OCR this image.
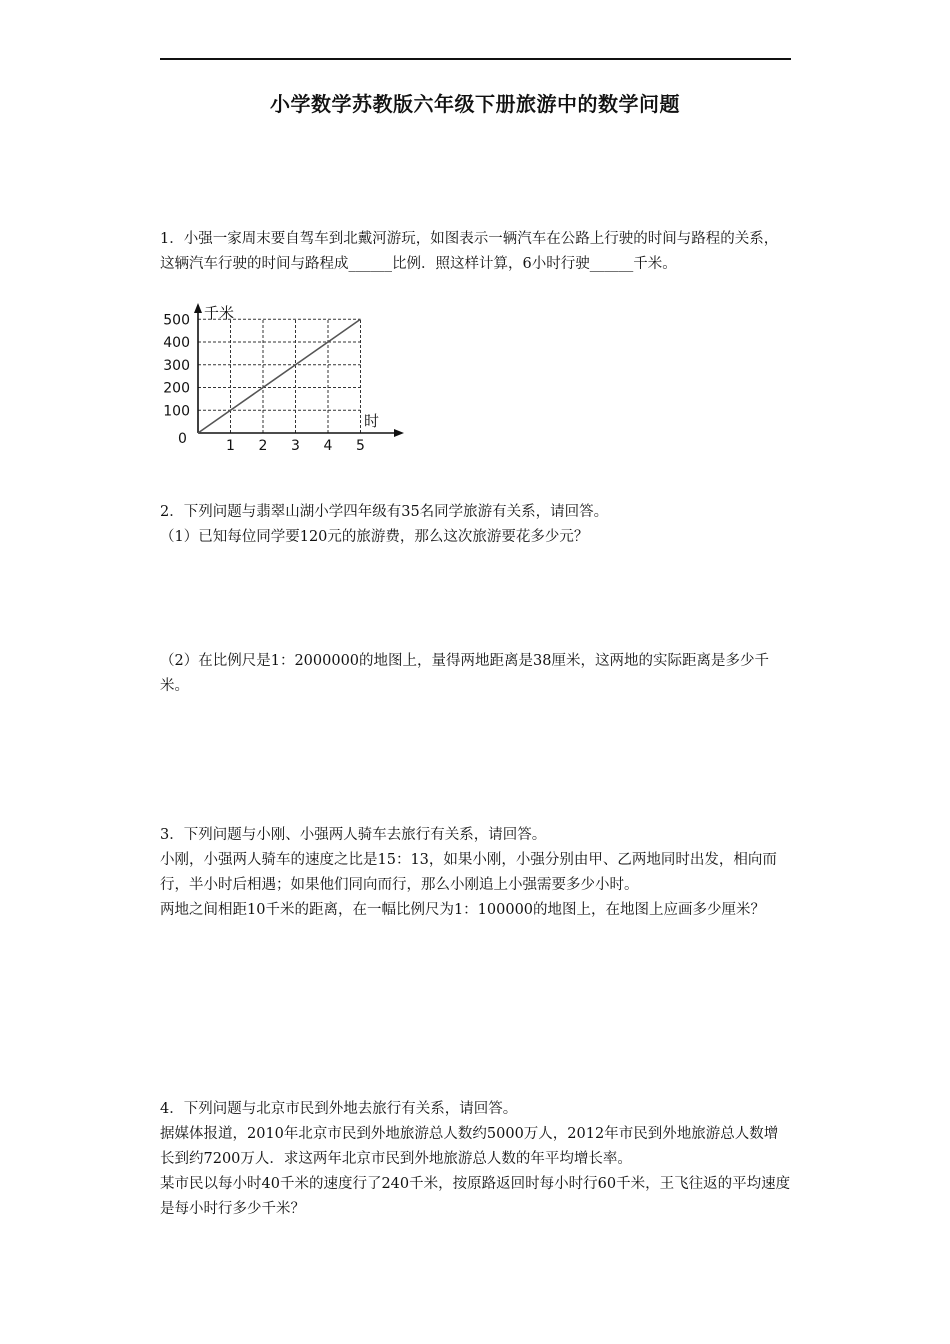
小学数学苏教版六年级下册旅游中的数学问题

1．小强一家周末要自驾车到北戴河游玩，如图表示一辆汽车在公路上行驶的时间与路程的关系，这辆汽车行驶的时间与路程成______比例．照这样计算，6小时行驶______千米。

千米
时
0	1 2 3 4 5
100
200
300
400
500

2．下列问题与翡翠山湖小学四年级有35名同学旅游有关系，请回答。

（1）已知每位同学要120元的旅游费，那么这次旅游要花多少元？

（2）在比例尺是1：2000000的地图上，量得两地距离是38厘米，这两地的实际距离是多少千米。

3．下列问题与小刚、小强两人骑车去旅行有关系，请回答。

小刚，小强两人骑车的速度之比是15：13，如果小刚，小强分别由甲、乙两地同时出发，相向而行，半小时后相遇；如果他们同向而行，那么小刚追上小强需要多少小时。

两地之间相距10千米的距离，在一幅比例尺为1：100000的地图上，在地图上应画多少厘米？

4．下列问题与北京市民到外地去旅行有关系，请回答。

据媒体报道，2010年北京市民到外地旅游总人数约5000万人，2012年市民到外地旅游总人数增长到约7200万人．求这两年北京市民到外地旅游总人数的年平均增长率。

某市民以每小时40千米的速度行了240千米，按原路返回时每小时行60千米，王飞往返的平均速度是每小时行多少千米？
